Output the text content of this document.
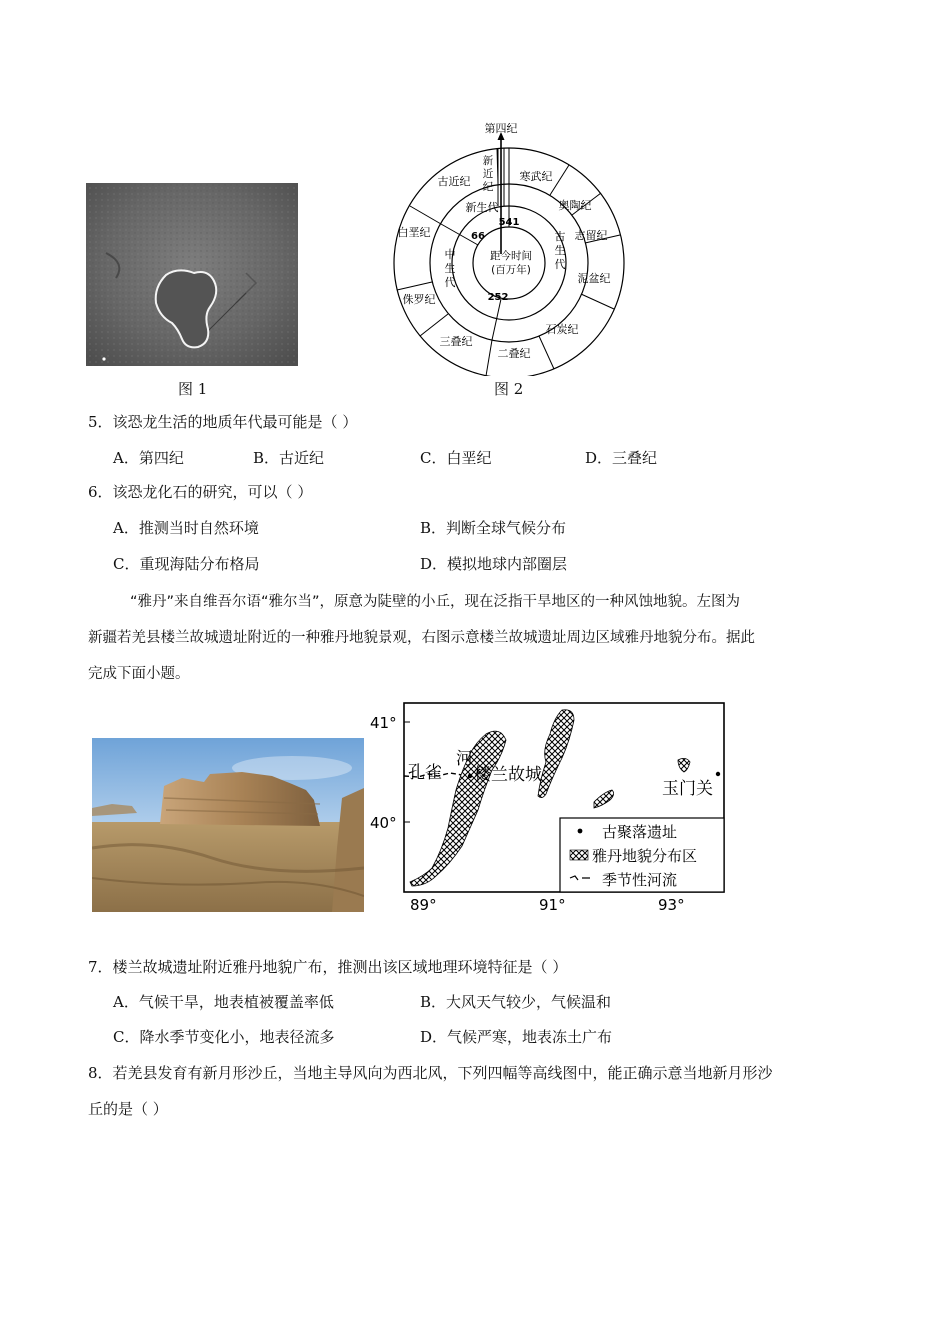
图 1
第四纪
新
近
纪
寒武纪
奥陶纪
志留纪
泥盆纪
石炭纪
二叠纪
三叠纪
侏罗纪
白垩纪
古近纪
新生代
中
生
代
古
生
代
541
66
252
距今时间
(百万年)
图 2
5．该恐龙生活的地质年代最可能是（ ）
A．第四纪	B．古近纪	C．白垩纪	D．三叠纪
6．该恐龙化石的研究，可以（ ）
A．推测当时自然环境	B．判断全球气候分布
C．重现海陆分布格局	D．模拟地球内部圈层
“雅丹”来自维吾尔语“雅尔当”，原意为陡壁的小丘，现在泛指干旱地区的一种风蚀地貌。左图为
新疆若羌县楼兰故城遗址附近的一种雅丹地貌景观，右图示意楼兰故城遗址周边区域雅丹地貌分布。据此
完成下面小题。
41°
40°
89°	91°	93°
孔雀
河
楼兰故城
玉门关
古聚落遗址
雅丹地貌分布区
季节性河流
7．楼兰故城遗址附近雅丹地貌广布，推测出该区域地理环境特征是（ ）
A．气候干旱，地表植被覆盖率低	B．大风天气较少，气候温和
C．降水季节变化小，地表径流多	D．气候严寒，地表冻土广布
8．若羌县发育有新月形沙丘，当地主导风向为西北风，下列四幅等高线图中，能正确示意当地新月形沙
丘的是（ ）
